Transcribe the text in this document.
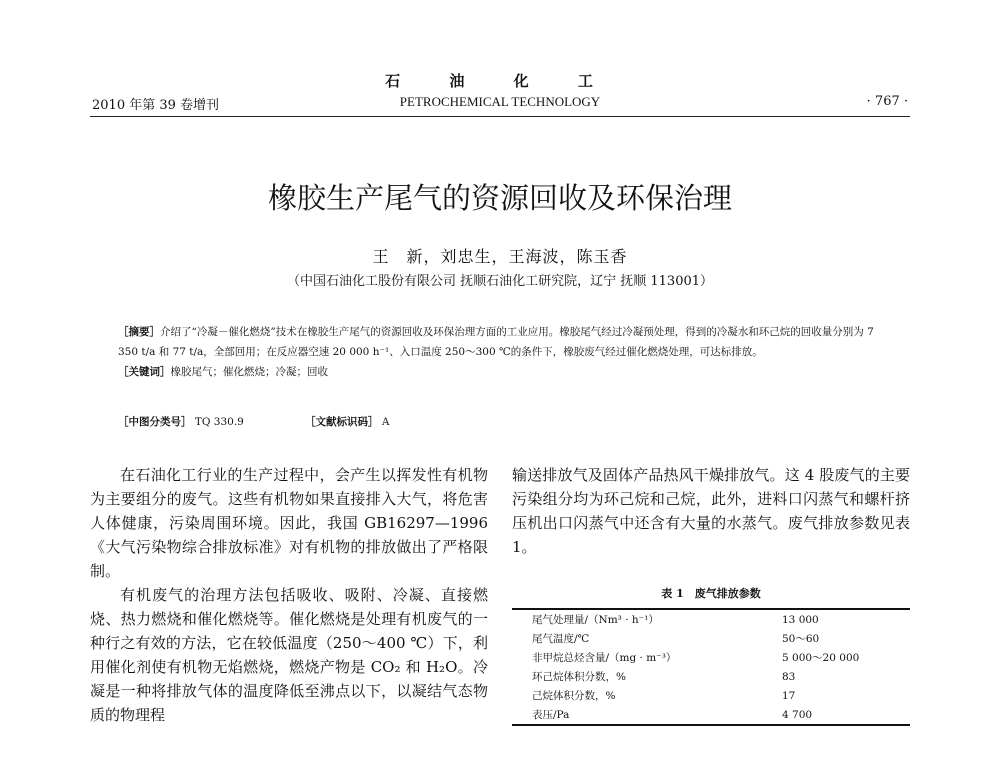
石 油 化 工
2010 年第 39 卷增刊	PETROCHEMICAL TECHNOLOGY	· 767 ·
橡胶生产尾气的资源回收及环保治理
王　新，刘忠生，王海波，陈玉香
（中国石油化工股份有限公司 抚顺石油化工研究院，辽宁 抚顺 113001）

［摘要］介绍了“冷凝－催化燃烧”技术在橡胶生产尾气的资源回收及环保治理方面的工业应用。橡胶尾气经过冷凝预处理，得到的冷凝水和环己烷的回收量分别为 7 350 t/a 和 77 t/a，全部回用；在反应器空速 20 000 h⁻¹、入口温度 250～300 ℃的条件下，橡胶废气经过催化燃烧处理，可达标排放。

［关键词］橡胶尾气；催化燃烧；冷凝；回收

［中图分类号］ TQ 330.9	［文献标识码］ A

在石油化工行业的生产过程中，会产生以挥发性有机物为主要组分的废气。这些有机物如果直接排入大气，将危害人体健康，污染周围环境。因此，我国 GB16297—1996《大气污染物综合排放标准》对有机物的排放做出了严格限制。

有机废气的治理方法包括吸收、吸附、冷凝、直接燃烧、热力燃烧和催化燃烧等。催化燃烧是处理有机废气的一种行之有效的方法，它在较低温度（250～400 ℃）下，利用催化剂使有机物无焰燃烧，燃烧产物是 CO₂ 和 H₂O。冷凝是一种将排放气体的温度降低至沸点以下，以凝结气态物质的物理程

输送排放气及固体产品热风干燥排放气。这 4 股废气的主要污染组分均为环己烷和己烷，此外，进料口闪蒸气和螺杆挤压机出口闪蒸气中还含有大量的水蒸气。废气排放参数见表 1。

表 1　废气排放参数
尾气处理量/（Nm³ · h⁻¹）	13 000
尾气温度/℃	50～60
非甲烷总烃含量/（mg · m⁻³）	5 000～20 000
环己烷体积分数，%	83
己烷体积分数，%	17
表压/Pa	4 700
